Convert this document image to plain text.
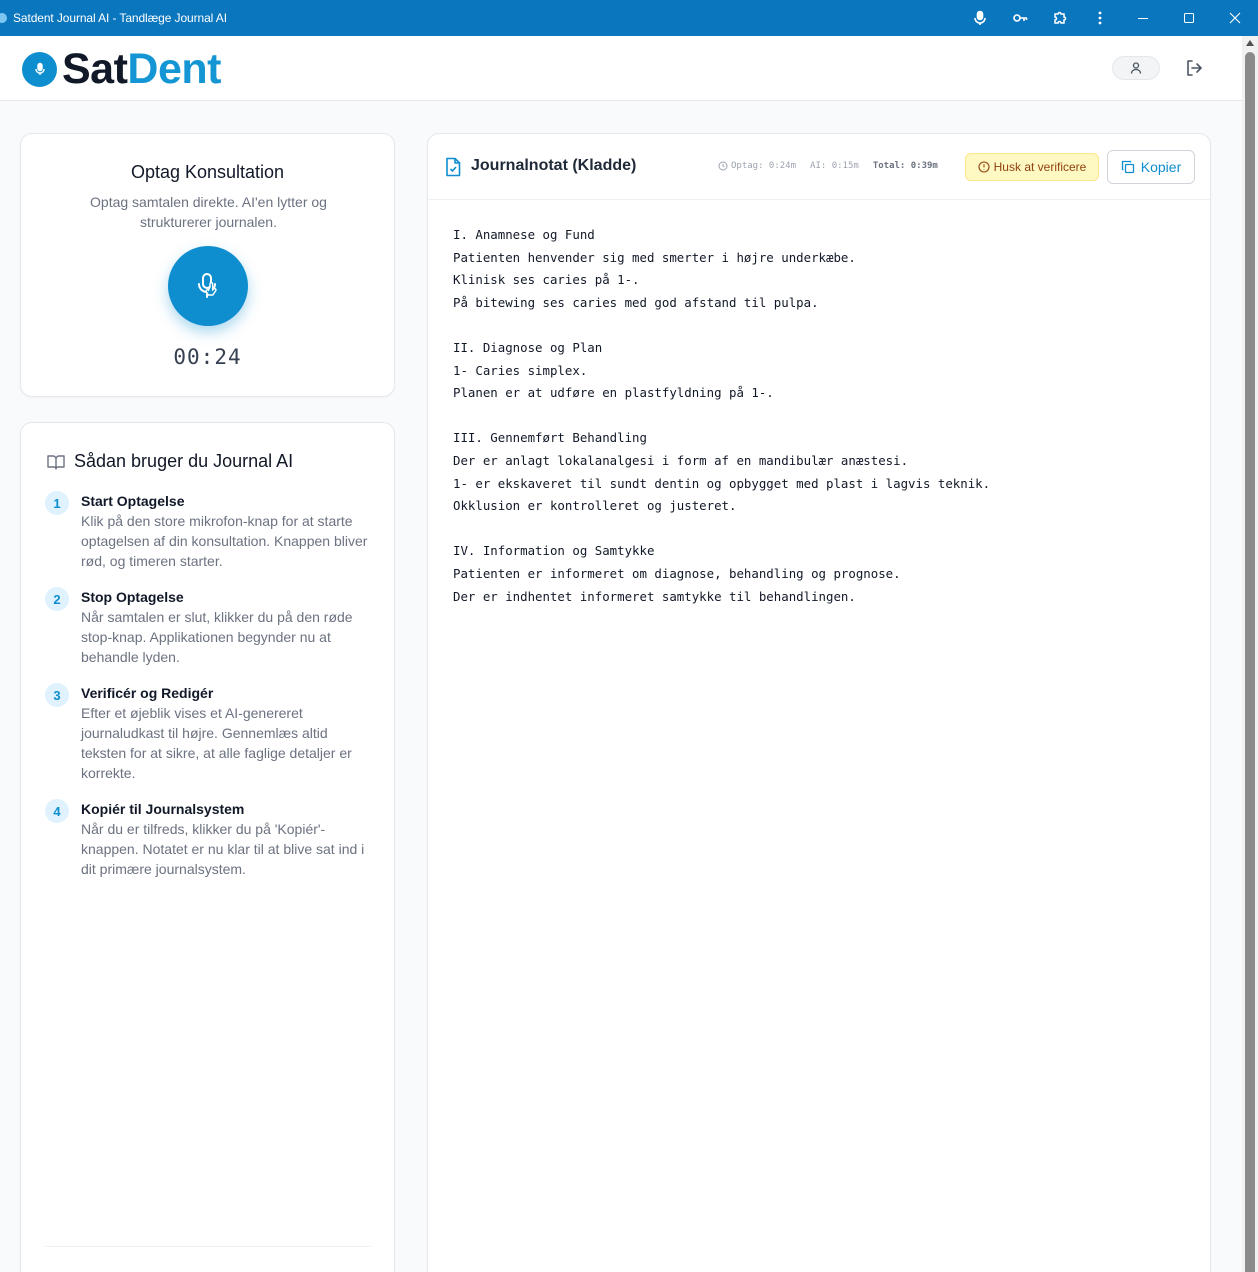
Satdent Journal AI - Tandlæge Journal AI
SatDent
Optag Konsultation
Optag samtalen direkte. AI'en lytter og strukturerer journalen.
00:24
Sådan bruger du Journal AI
1	Start Optagelse
Klik på den store mikrofon-knap for at starte optagelsen af din konsultation. Knappen bliver rød, og timeren starter.
2	Stop Optagelse
Når samtalen er slut, klikker du på den røde stop-knap. Applikationen begynder nu at behandle lyden.
3	Verificér og Redigér
Efter et øjeblik vises et AI-genereret journaludkast til højre. Gennemlæs altid teksten for at sikre, at alle faglige detaljer er korrekte.
4	Kopiér til Journalsystem
Når du er tilfreds, klikker du på 'Kopiér'-knappen. Notatet er nu klar til at blive sat ind i dit primære journalsystem.
Journalnotat (Kladde)	Optag: 0:24m AI: 0:15m Total: 0:39m	Husk at verificere	Kopier
I. Anamnese og Fund
Patienten henvender sig med smerter i højre underkæbe.
Klinisk ses caries på 1-.
På bitewing ses caries med god afstand til pulpa.

II. Diagnose og Plan
1- Caries simplex.
Planen er at udføre en plastfyldning på 1-.

III. Gennemført Behandling
Der er anlagt lokalanalgesi i form af en mandibulær anæstesi.
1- er ekskaveret til sundt dentin og opbygget med plast i lagvis teknik.
Okklusion er kontrolleret og justeret.

IV. Information og Samtykke
Patienten er informeret om diagnose, behandling og prognose.
Der er indhentet informeret samtykke til behandlingen.
